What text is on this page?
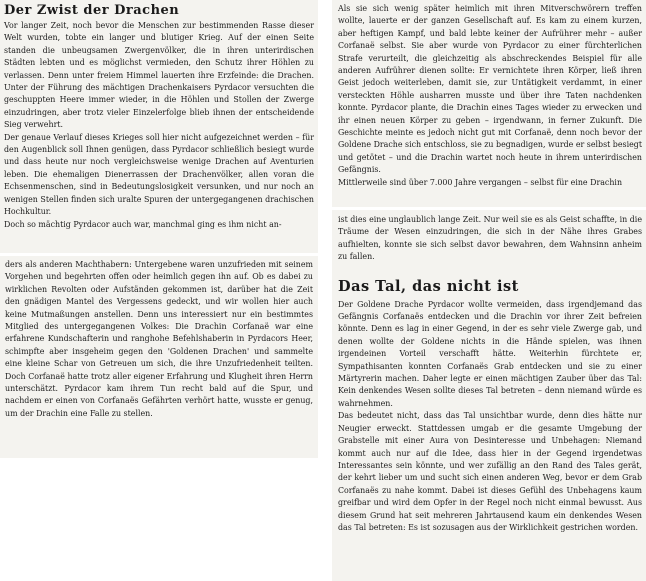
Der Zwist der Drachen

Vor langer Zeit, noch bevor die Menschen zur bestimmenden Rasse dieser Welt wurden, tobte ein langer und blutiger Krieg. Auf der einen Seite standen die unbeugsamen Zwergenvölker, die in ihren unterirdischen Städten lebten und es möglichst vermieden, den Schutz ihrer Höhlen zu verlassen. Denn unter freiem Himmel lauerten ihre Erzfeinde: die Drachen. Unter der Führung des mächtigen Drachenkaisers Pyrdacor versuchten die geschuppten Heere immer wieder, in die Höhlen und Stollen der Zwerge einzudringen, aber trotz vieler Einzelerfolge blieb ihnen der entscheidende Sieg verwehrt.

Der genaue Verlauf dieses Krieges soll hier nicht aufgezeichnet werden – für den Augenblick soll Ihnen genügen, dass Pyrdacor schließlich besiegt wurde und dass heute nur noch vergleichsweise wenige Drachen auf Aventurien leben. Die ehemaligen Dienerrassen der Drachenvölker, allen voran die Echsenmenschen, sind in Bedeutungslosigkeit versunken, und nur noch an wenigen Stellen finden sich uralte Spuren der untergegangenen drachischen Hochkultur.

Doch so mächtig Pyrdacor auch war, manchmal ging es ihm nicht an-

ders als anderen Machthabern: Untergebene waren unzufrieden mit seinem Vorgehen und begehrten offen oder heimlich gegen ihn auf. Ob es dabei zu wirklichen Revolten oder Aufständen gekommen ist, darüber hat die Zeit den gnädigen Mantel des Vergessens gedeckt, und wir wollen hier auch keine Mutmaßungen anstellen. Denn uns interessiert nur ein bestimmtes Mitglied des untergegangenen Volkes: Die Drachin Corfanaë war eine erfahrene Kundschafterin und ranghohe Befehlshaberin in Pyrdacors Heer, schimpfte aber insgeheim gegen den 'Goldenen Drachen' und sammelte eine kleine Schar von Getreuen um sich, die ihre Unzufriedenheit teilten. Doch Corfanaë hatte trotz aller eigener Erfahrung und Klugheit ihren Herrn unterschätzt. Pyrdacor kam ihrem Tun recht bald auf die Spur, und nachdem er einen von Corfanaës Gefährten verhört hatte, wusste er genug, um der Drachin eine Falle zu stellen.

Als sie sich wenig später heimlich mit ihren Mitverschwörern treffen wollte, lauerte er der ganzen Gesellschaft auf. Es kam zu einem kurzen, aber heftigen Kampf, und bald lebte keiner der Aufrührer mehr – außer Corfanaë selbst. Sie aber wurde von Pyrdacor zu einer fürchterlichen Strafe verurteilt, die gleichzeitig als abschreckendes Beispiel für alle anderen Aufrührer dienen sollte: Er vernichtete ihren Körper, ließ ihren Geist jedoch weiterleben, damit sie, zur Untätigkeit verdammt, in einer versteckten Höhle ausharren musste und über ihre Taten nachdenken konnte. Pyrdacor plante, die Drachin eines Tages wieder zu erwecken und ihr einen neuen Körper zu geben – irgendwann, in ferner Zukunft. Die Geschichte meinte es jedoch nicht gut mit Corfanaë, denn noch bevor der Goldene Drache sich entschloss, sie zu begnadigen, wurde er selbst besiegt und getötet – und die Drachin wartet noch heute in ihrem unterirdischen Gefängnis.

Mittlerweile sind über 7.000 Jahre vergangen – selbst für eine Drachin

ist dies eine unglaublich lange Zeit. Nur weil sie es als Geist schaffte, in die Träume der Wesen einzudringen, die sich in der Nähe ihres Grabes aufhielten, konnte sie sich selbst davor bewahren, dem Wahnsinn anheim zu fallen.

Das Tal, das nicht ist

Der Goldene Drache Pyrdacor wollte vermeiden, dass irgendjemand das Gefängnis Corfanaës entdecken und die Drachin vor ihrer Zeit befreien könnte. Denn es lag in einer Gegend, in der es sehr viele Zwerge gab, und denen wollte der Goldene nichts in die Hände spielen, was ihnen irgendeinen Vorteil verschafft hätte. Weiterhin fürchtete er, Sympathisanten konnten Corfanaës Grab entdecken und sie zu einer Märtyrerin machen. Daher legte er einen mächtigen Zauber über das Tal: Kein denkendes Wesen sollte dieses Tal betreten – denn niemand würde es wahrnehmen.

Das bedeutet nicht, dass das Tal unsichtbar wurde, denn dies hätte nur Neugier erweckt. Stattdessen umgab er die gesamte Umgebung der Grabstelle mit einer Aura von Desinteresse und Unbehagen: Niemand kommt auch nur auf die Idee, dass hier in der Gegend irgendetwas Interessantes sein könnte, und wer zufällig an den Rand des Tales gerät, der kehrt lieber um und sucht sich einen anderen Weg, bevor er dem Grab Corfanaës zu nahe kommt. Dabei ist dieses Gefühl des Unbehagens kaum greifbar und wird dem Opfer in der Regel noch nicht einmal bewusst. Aus diesem Grund hat seit mehreren Jahrtausend kaum ein denkendes Wesen das Tal betreten: Es ist sozusagen aus der Wirklichkeit gestrichen worden.
